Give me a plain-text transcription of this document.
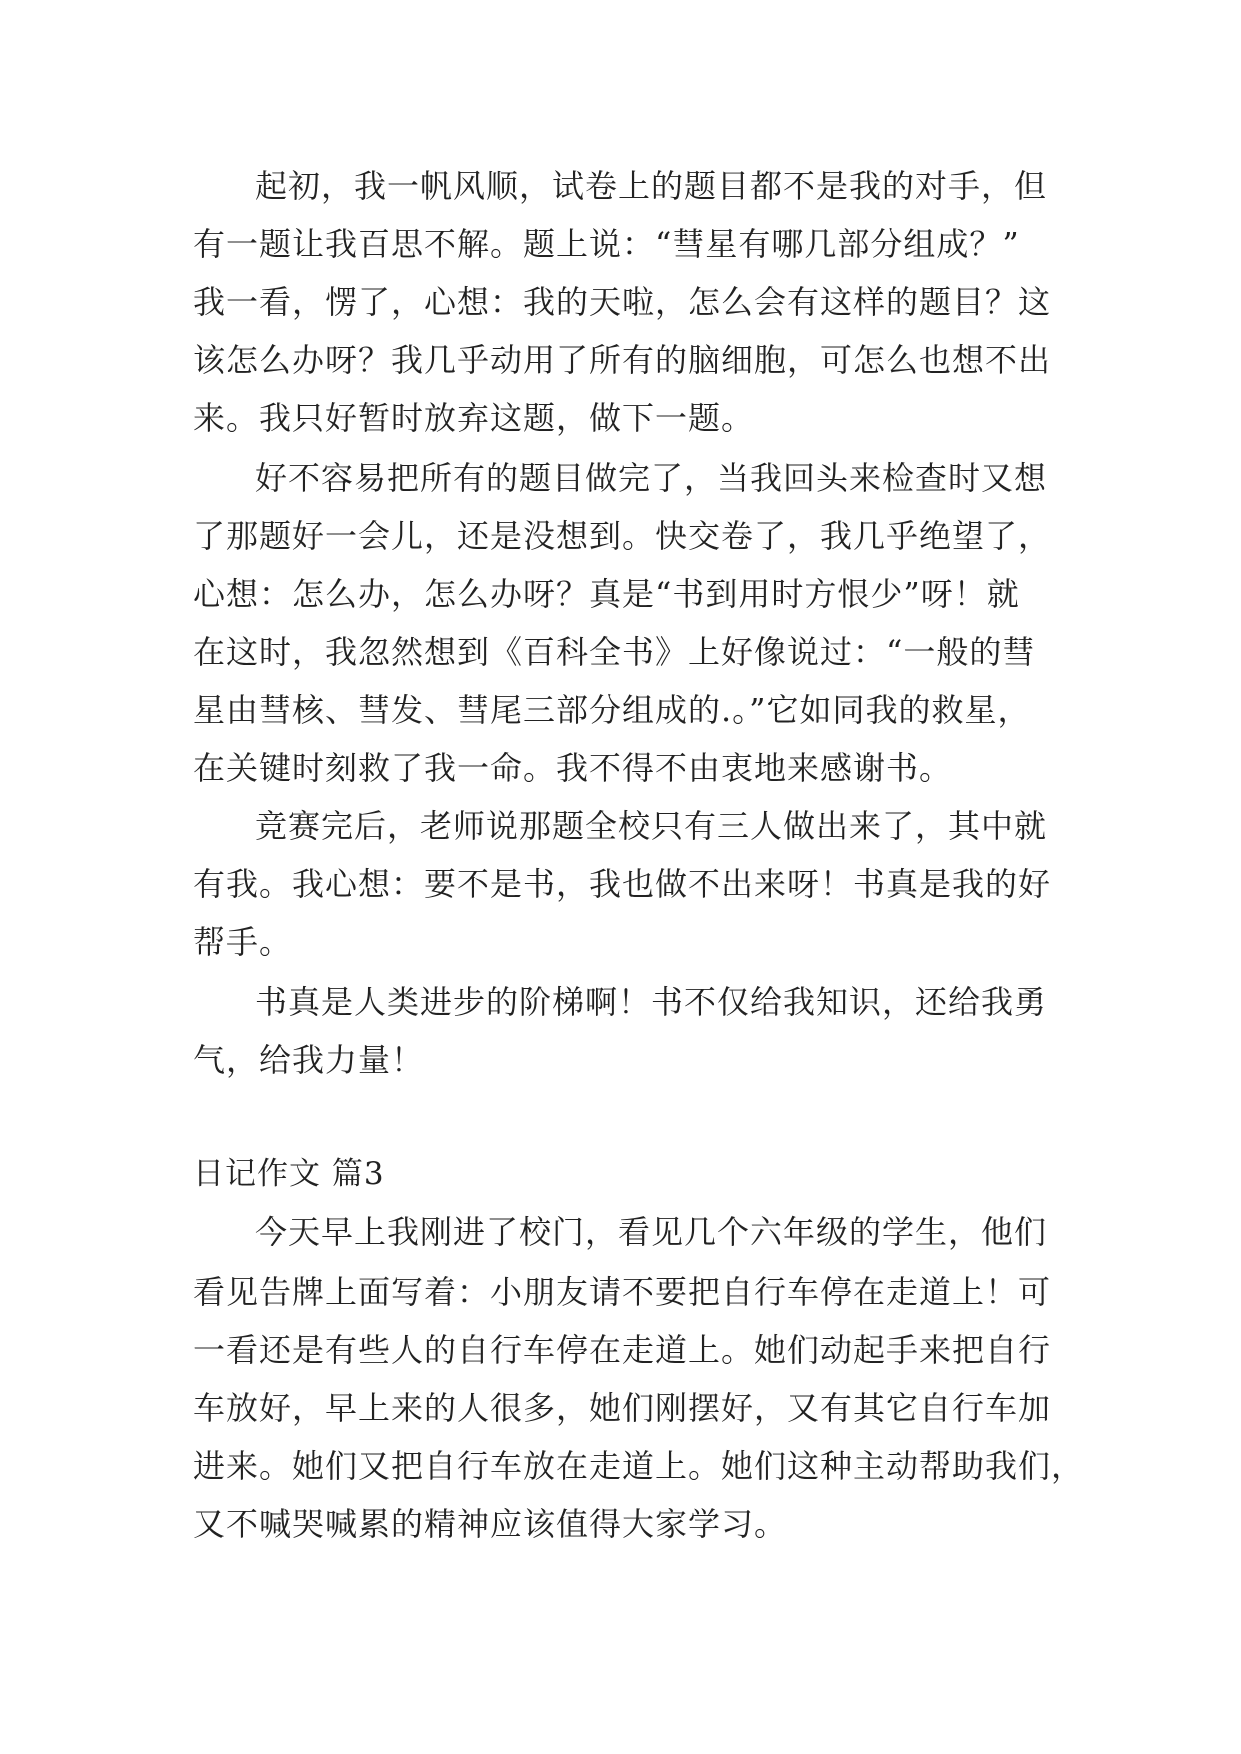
起初，我一帆风顺，试卷上的题目都不是我的对手，但
有一题让我百思不解。题上说：“彗星有哪几部分组成？”
我一看，愣了，心想：我的天啦，怎么会有这样的题目？这
该怎么办呀？我几乎动用了所有的脑细胞，可怎么也想不出
来。我只好暂时放弃这题，做下一题。
好不容易把所有的题目做完了，当我回头来检查时又想
了那题好一会儿，还是没想到。快交卷了，我几乎绝望了，
心想：怎么办，怎么办呀？真是“书到用时方恨少”呀！就
在这时，我忽然想到《百科全书》上好像说过：“一般的彗
星由彗核、彗发、彗尾三部分组成的.。”它如同我的救星，
在关键时刻救了我一命。我不得不由衷地来感谢书。
竞赛完后，老师说那题全校只有三人做出来了，其中就
有我。我心想：要不是书，我也做不出来呀！书真是我的好
帮手。
书真是人类进步的阶梯啊！书不仅给我知识，还给我勇
气，给我力量！
日记作文 篇3
今天早上我刚进了校门，看见几个六年级的学生，他们
看见告牌上面写着：小朋友请不要把自行车停在走道上！可
一看还是有些人的自行车停在走道上。她们动起手来把自行
车放好，早上来的人很多，她们刚摆好，又有其它自行车加
进来。她们又把自行车放在走道上。她们这种主动帮助我们，
又不喊哭喊累的精神应该值得大家学习。
